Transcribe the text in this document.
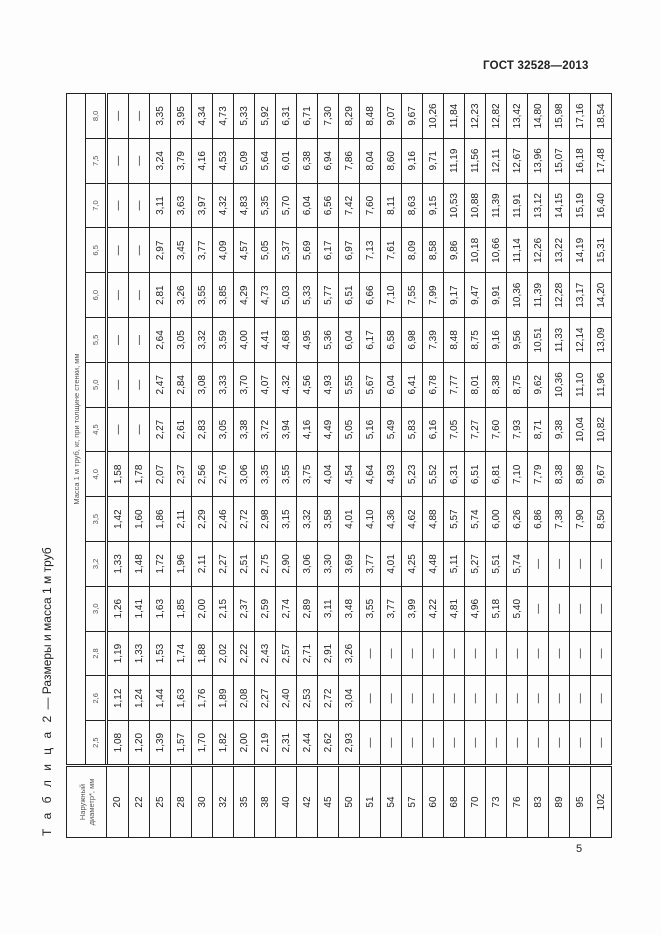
ГОСТ 32528—2013
Т а б л и ц а 2 — Размеры и масса 1 м труб
Наружный диаметр*, мм	Масса 1 м труб, кг, при толщине стенки, мм														
	2,5	2,6	2,8	3,0	3,2	3,5	4,0	4,5	5,0	5,5	6,0	6,5	7,0	7,5	8,0
20	1,08	1,12	1,19	1,26	1,33	1,42	1,58	—	—	—	—	—	—	—	—
22	1,20	1,24	1,33	1,41	1,48	1,60	1,78	—	—	—	—	—	—	—	—
25	1,39	1,44	1,53	1,63	1,72	1,86	2,07	2,27	2,47	2,64	2,81	2,97	3,11	3,24	3,35
28	1,57	1,63	1,74	1,85	1,96	2,11	2,37	2,61	2,84	3,05	3,26	3,45	3,63	3,79	3,95
30	1,70	1,76	1,88	2,00	2,11	2,29	2,56	2,83	3,08	3,32	3,55	3,77	3,97	4,16	4,34
32	1,82	1,89	2,02	2,15	2,27	2,46	2,76	3,05	3,33	3,59	3,85	4,09	4,32	4,53	4,73
35	2,00	2,08	2,22	2,37	2,51	2,72	3,06	3,38	3,70	4,00	4,29	4,57	4,83	5,09	5,33
38	2,19	2,27	2,43	2,59	2,75	2,98	3,35	3,72	4,07	4,41	4,73	5,05	5,35	5,64	5,92
40	2,31	2,40	2,57	2,74	2,90	3,15	3,55	3,94	4,32	4,68	5,03	5,37	5,70	6,01	6,31
42	2,44	2,53	2,71	2,89	3,06	3,32	3,75	4,16	4,56	4,95	5,33	5,69	6,04	6,38	6,71
45	2,62	2,72	2,91	3,11	3,30	3,58	4,04	4,49	4,93	5,36	5,77	6,17	6,56	6,94	7,30
50	2,93	3,04	3,26	3,48	3,69	4,01	4,54	5,05	5,55	6,04	6,51	6,97	7,42	7,86	8,29
51	—	—	—	3,55	3,77	4,10	4,64	5,16	5,67	6,17	6,66	7,13	7,60	8,04	8,48
54	—	—	—	3,77	4,01	4,36	4,93	5,49	6,04	6,58	7,10	7,61	8,11	8,60	9,07
57	—	—	—	3,99	4,25	4,62	5,23	5,83	6,41	6,98	7,55	8,09	8,63	9,16	9,67
60	—	—	—	4,22	4,48	4,88	5,52	6,16	6,78	7,39	7,99	8,58	9,15	9,71	10,26
68	—	—	—	4,81	5,11	5,57	6,31	7,05	7,77	8,48	9,17	9,86	10,53	11,19	11,84
70	—	—	—	4,96	5,27	5,74	6,51	7,27	8,01	8,75	9,47	10,18	10,88	11,56	12,23
73	—	—	—	5,18	5,51	6,00	6,81	7,60	8,38	9,16	9,91	10,66	11,39	12,11	12,82
76	—	—	—	5,40	5,74	6,26	7,10	7,93	8,75	9,56	10,36	11,14	11,91	12,67	13,42
83	—	—	—	—	—	6,86	7,79	8,71	9,62	10,51	11,39	12,26	13,12	13,96	14,80
89	—	—	—	—	—	7,38	8,38	9,38	10,36	11,33	12,28	13,22	14,15	15,07	15,98
95	—	—	—	—	—	7,90	8,98	10,04	11,10	12,14	13,17	14,19	15,19	16,18	17,16
102	—	—	—	—	—	8,50	9,67	10,82	11,96	13,09	14,20	15,31	16,40	17,48	18,54
5
